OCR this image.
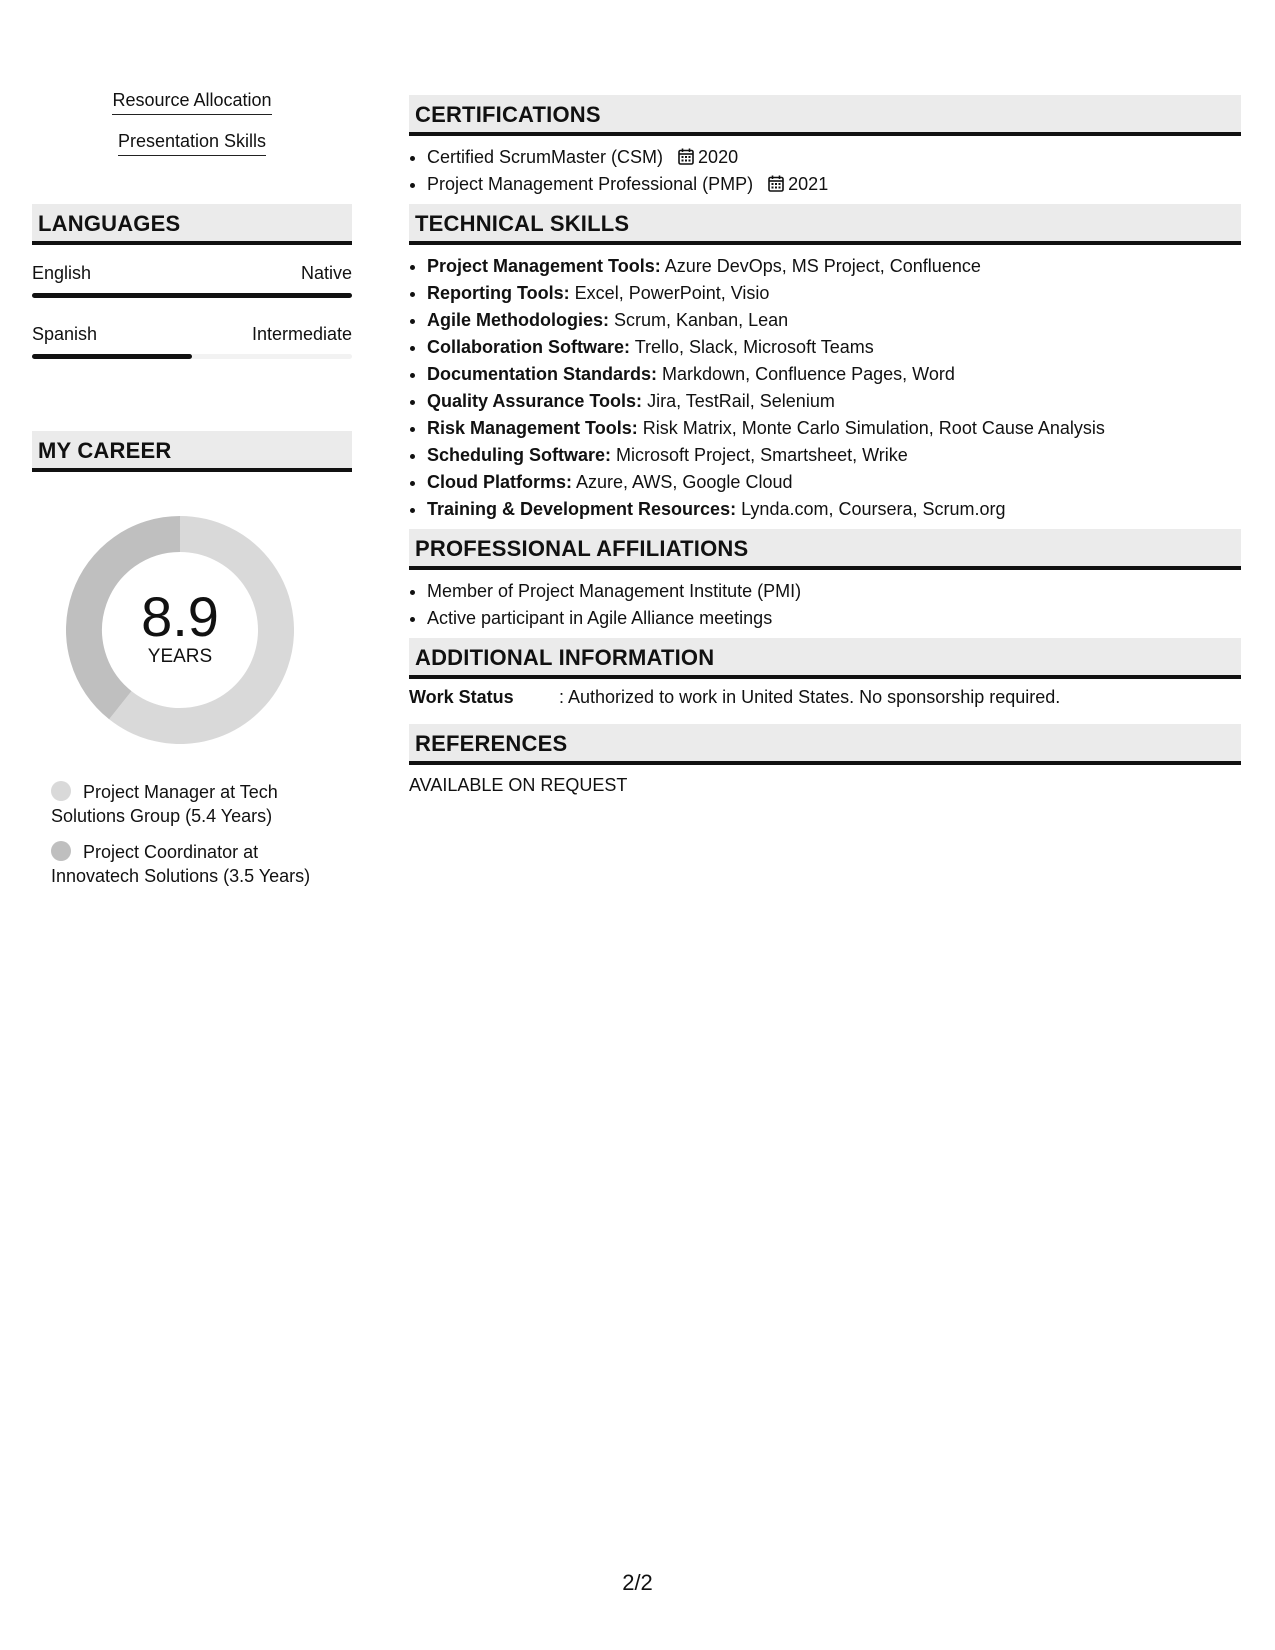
Resource Allocation
Presentation Skills
LANGUAGES
English	Native
Spanish	Intermediate
MY CAREER
8.9
YEARS
Project Manager at Tech Solutions Group (5.4 Years)
Project Coordinator at Innovatech Solutions (3.5 Years)
CERTIFICATIONS
• Certified ScrumMaster (CSM) 2020
• Project Management Professional (PMP) 2021
TECHNICAL SKILLS
• Project Management Tools: Azure DevOps, MS Project, Confluence
• Reporting Tools: Excel, PowerPoint, Visio
• Agile Methodologies: Scrum, Kanban, Lean
• Collaboration Software: Trello, Slack, Microsoft Teams
• Documentation Standards: Markdown, Confluence Pages, Word
• Quality Assurance Tools: Jira, TestRail, Selenium
• Risk Management Tools: Risk Matrix, Monte Carlo Simulation, Root Cause Analysis
• Scheduling Software: Microsoft Project, Smartsheet, Wrike
• Cloud Platforms: Azure, AWS, Google Cloud
• Training & Development Resources: Lynda.com, Coursera, Scrum.org
PROFESSIONAL AFFILIATIONS
• Member of Project Management Institute (PMI)
• Active participant in Agile Alliance meetings
ADDITIONAL INFORMATION
Work Status	: Authorized to work in United States. No sponsorship required.
REFERENCES
AVAILABLE ON REQUEST
2/2
